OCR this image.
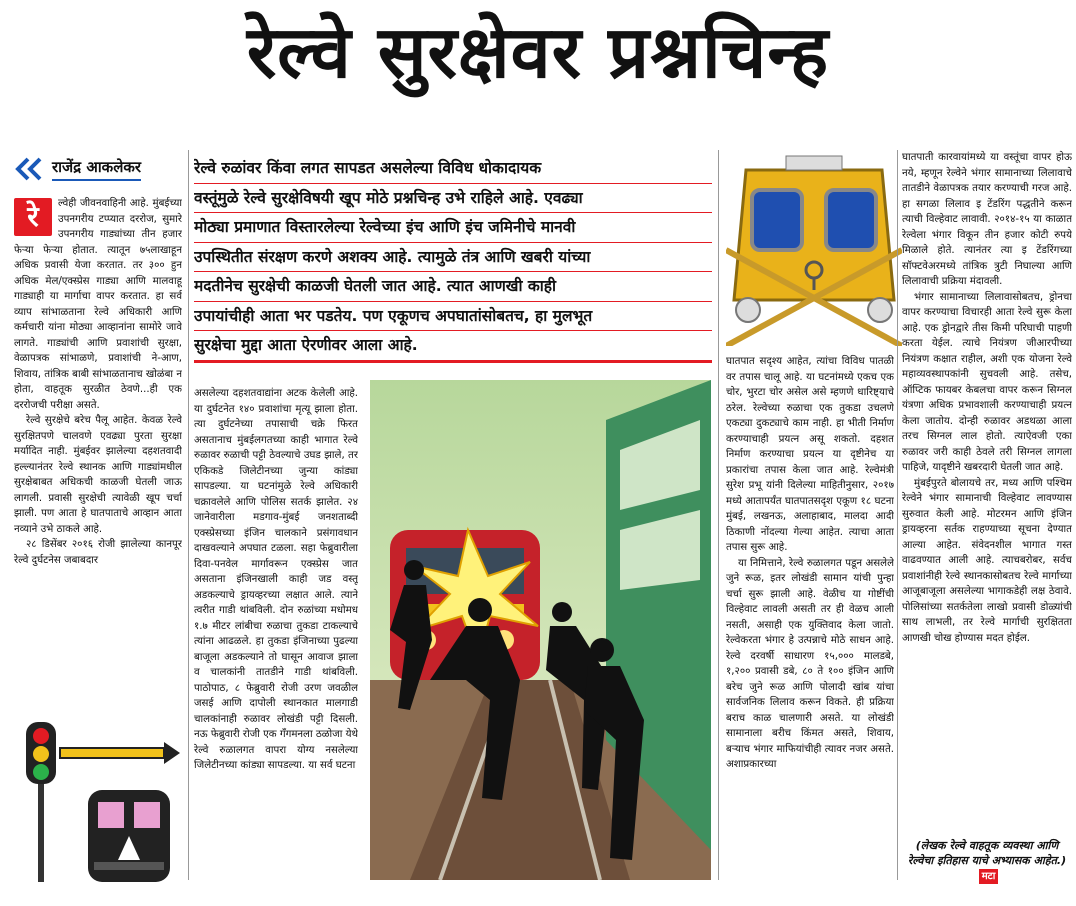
रेल्वे सुरक्षेवर प्रश्नचिन्ह
राजेंद्र आकलेकर	रेल्वे रुळांवर किंवा लगत सापडत असलेल्या विविध धोकादायक
वस्तूंमुळे रेल्वे सुरक्षेविषयी खूप मोठे प्रश्नचिन्ह उभे राहिले आहे. एवढ्या
मोठ्या प्रमाणात विस्तारलेल्या रेल्वेच्या इंच आणि इंच जमिनीचे मानवी
उपस्थितीत संरक्षण करणे अशक्य आहे. त्यामुळे तंत्र आणि खबरी यांच्या
मदतीनेच सुरक्षेची काळजी घेतली जात आहे. त्यात आणखी काही
उपायांचीही आता भर पडतेय. पण एकूणच अपघातांसोबतच, हा मुलभूत
सुरक्षेचा मुद्दा आता ऐरणीवर आला आहे.
रे	ल्वेही जीवनवाहिनी आहे. मुंबईच्या उपनगरीय टप्प्यात दररोज, सुमारे उपनगरीय गाड्यांच्या तीन हजार फेऱ्या फेऱ्या होतात. त्यातून ७५लाखाहून अधिक प्रवासी येजा करतात. तर ३०० हुन अधिक मेल/एक्स्प्रेस गाड्या आणि मालवाहू गाड्याही या मार्गाचा वापर करतात. हा सर्व व्याप सांभाळताना रेल्वे अधिकारी आणि कर्मचारी यांना मोठ्या आव्हानांना सामोरे जावे लागते. गाड्यांची आणि प्रवाशांची सुरक्षा, वेळापत्रक सांभाळणे, प्रवाशांची ने-आण, शिवाय, तांत्रिक बाबी सांभाळतानाच खोळंबा न होता, वाहतूक सुरळीत ठेवणे...ही एक दररोजची परीक्षा असते.

रेल्वे सुरक्षेचे बरेच पैलू आहेत. केवळ रेल्वे सुरक्षितपणे चालवणे एवढ्या पुरता सुरक्षा मर्यादित नाही. मुंबईवर झालेल्या दहशतवादी हल्ल्यानंतर रेल्वे स्थानक आणि गाड्यांमधील सुरक्षेबाबत अधिकची काळजी घेतली जाऊ लागली. प्रवासी सुरक्षेची त्यावेळी खूप चर्चा झाली. पण आता हे घातपाताचे आव्हान आता नव्याने उभे ठाकले आहे.

२८ डिसेंबर २०१६ रोजी झालेल्या कानपूर रेल्वे दुर्घटनेस जबाबदार

असलेल्या दहशतवाद्यांना अटक केलेली आहे. या दुर्घटनेत १४० प्रवाशांचा मृत्यू झाला होता. त्या दुर्घटनेच्या तपासाची चक्रे फिरत असतानाच मुंबईलगतच्या काही भागात रेल्वे रुळावर रुळाची पट्टी ठेवल्याचे उघड झाले, तर एकिकडे जिलेटीनच्या जुन्या कांड्या सापडल्या. या घटनांमुळे रेल्वे अधिकारी चक्रावलेले आणि पोलिस सतर्क झालेत. २४ जानेवारीला मडगाव-मुंबई जनशताब्दी एक्स्प्रेसच्या इंजिन चालकाने प्रसंगावधान दाखवल्याने अपघात टळला. सहा फेब्रुवारीला दिवा-पनवेल मार्गावरून एक्स्प्रेस जात असताना इंजिनखाली काही जड वस्तू अडकल्याचे ड्रायव्हरच्या लक्षात आले. त्याने त्वरीत गाडी थांबविली. दोन रुळांच्या मधोमध १.७ मीटर लांबीचा रुळाचा तुकडा टाकल्याचे त्यांना आढळले. हा तुकडा इंजिनाच्या पुढल्या बाजूला अडकल्याने तो घासून आवाज झाला व चालकांनी तातडीने गाडी थांबविली. पाठोपाठ, ८ फेब्रुवारी रोजी उरण जवळील जसई आणि दापोली स्थानकात मालगाडी चालकांनाही रुळावर लोखंडी पट्टी दिसली. नऊ फेब्रुवारी रोजी एक गॅंगमनला ठळोजा येथे रेल्वे रुळालगत वापरा योग्य नसलेल्या जिलेटीनच्या कांड्या सापडल्या. या सर्व घटना

घातपात सदृश्य आहेत, त्यांचा विविध पातळी वर तपास चालू आहे. या घटनांमध्ये एकच एक चोर, भुरटा चोर असेल असे म्हणणे धारिष्ट्याचे ठरेल. रेल्वेच्या रुळाचा एक तुकडा उचलणे एकट्या दुकट्याचे काम नाही. हा भीती निर्माण करण्याचाही प्रयत्न असू शकतो. दहशत निर्माण करण्याचा प्रयत्न या दृष्टीनेच या प्रकारांचा तपास केला जात आहे. रेल्वेमंत्री सुरेश प्रभू यांनी दिलेल्या माहितीनुसार, २०१७ मध्ये आतापर्यंत घातपातसदृश एकूण १८ घटना मुंबई, लखनऊ, अलाहाबाद, मालदा आदी ठिकाणी नोंदल्या गेल्या आहेत. त्याचा आता तपास सुरू आहे.

या निमित्ताने, रेल्वे रुळालगत पडून असलेले जुने रूळ, इतर लोखंडी सामान यांची पुन्हा चर्चा सुरू झाली आहे. वेळीच या गोष्टींची विल्हेवाट लावली असती तर ही वेळच आली नसती, असाही एक युक्तिवाद केला जातो. रेल्वेकरता भंगार हे उत्पन्नाचे मोठे साधन आहे. रेल्वे दरवर्षी साधारण १५,००० मालडबे, १,२०० प्रवासी डबे, ८० ते १०० इंजिन आणि बरेच जुने रूळ आणि पोलादी खांब यांचा सार्वजनिक लिलाव करून विकते. ही प्रक्रिया बराच काळ चालणारी असते. या लोखंडी सामानाला बरीच किंमत असते, शिवाय, बऱ्याच भंगार माफियांचीही त्यावर नजर असते. अशाप्रकारच्या

घातपाती कारवायांमध्ये या वस्तूंचा वापर होऊ नये, म्हणून रेल्वेने भंगार सामानाच्या लिलावाचे तातडीने वेळापत्रक तयार करण्याची गरज आहे. हा सगळा लिलाव इ टेंडरिंग पद्धतीने करून त्याची विल्हेवाट लावावी. २०१४-१५ या काळात रेल्वेला भंगार विकून तीन हजार कोटी रुपये मिळाले होते. त्यानंतर त्या इ टेंडरिंगच्या सॉफ्टवेअरमध्ये तांत्रिक त्रुटी निघाल्या आणि लिलावाची प्रक्रिया मंदावली.

भंगार सामानाच्या लिलावासोबतच, ड्रोनचा वापर करण्याचा विचारही आता रेल्वे सुरू केला आहे. एक ड्रोनद्वारे तीस किमी परिघाची पाहणी करता येईल. त्याचे नियंत्रण जीआरपीच्या नियंत्रण कक्षात राहील, अशी एक योजना रेल्वे महाव्यवस्थापकांनी सुचवली आहे. तसेच, ऑप्टिक फायबर केबलचा वापर करून सिग्नल यंत्रणा अधिक प्रभावशाली करण्याचाही प्रयत्न केला जातोय. दोन्ही रुळावर अडथळा आला तरच सिग्नल लाल होतो. त्याऐवजी एका रुळावर जरी काही ठेवले तरी सिग्नल लागला पाहिजे, यादृष्टीने खबरदारी घेतली जात आहे.

मुंबईपुरते बोलायचे तर, मध्य आणि पश्चिम रेल्वेने भंगार सामानाची विल्हेवाट लावण्यास सुरुवात केली आहे. मोटरमन आणि इंजिन ड्रायव्हरना सर्तक राहण्याच्या सूचना देण्यात आल्या आहेत. संवेदनशील भागात गस्त वाढवण्यात आली आहे. त्याचबरोबर, सर्वच प्रवाशांनीही रेल्वे स्थानकासोबतच रेल्वे मार्गाच्या आजूबाजूला असलेल्या भागाकडेही लक्ष ठेवावे. पोलिसांच्या सतर्कतेला लाखो प्रवासी डोळ्यांची साथ लाभली, तर रेल्वे मार्गाची सुरक्षितता आणखी चोख होण्यास मदत होईल.

(लेखक रेल्वे वाहतूक व्यवस्था आणि रेल्वेचा इतिहास याचे अभ्यासक आहेत.) मटा
